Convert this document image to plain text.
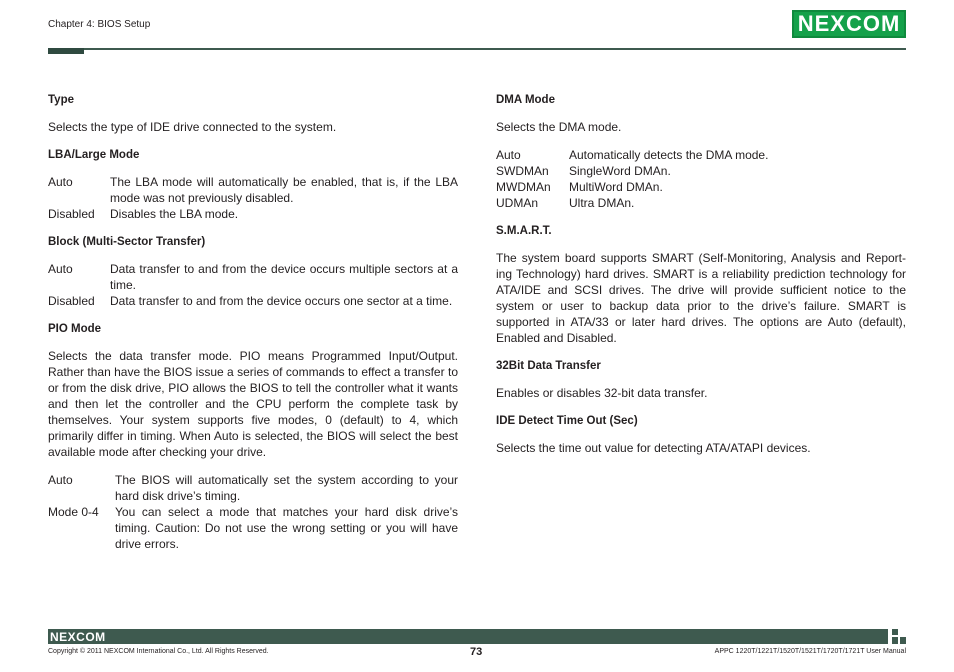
Chapter 4: BIOS Setup	NEXCOM
Type
Selects the type of IDE drive connected to the system.
LBA/Large Mode
Auto	The LBA mode will automatically be enabled, that is, if the LBA mode was not previously disabled.
Disabled	Disables the LBA mode.
Block (Multi-Sector Transfer)
Auto	Data transfer to and from the device occurs multiple sectors at a time.
Disabled	Data transfer to and from the device occurs one sector at a time.
PIO Mode
Selects the data transfer mode. PIO means Programmed Input/Output. Rather than have the BIOS issue a series of commands to effect a transfer to or from the disk drive, PIO allows the BIOS to tell the controller what it wants and then let the controller and the CPU perform the complete task by themselves. Your system supports five modes, 0 (default) to 4, which primarily differ in timing. When Auto is selected, the BIOS will select the best available mode after checking your drive.
Auto	The BIOS will automatically set the system according to your hard disk drive’s timing.
Mode 0-4	You can select a mode that matches your hard disk drive’s timing. Caution: Do not use the wrong setting or you will have drive errors.
DMA Mode
Selects the DMA mode.
Auto	Automatically detects the DMA mode.
SWDMAn	SingleWord DMAn.
MWDMAn	MultiWord DMAn.
UDMAn	Ultra DMAn.
S.M.A.R.T.
The system board supports SMART (Self-Monitoring, Analysis and Report-ing Technology) hard drives. SMART is a reliability prediction technology for ATA/IDE and SCSI drives. The drive will provide sufficient notice to the system or user to backup data prior to the drive’s failure. SMART is supported in ATA/33 or later hard drives. The options are Auto (default), Enabled and Disabled.
32Bit Data Transfer
Enables or disables 32-bit data transfer.
IDE Detect Time Out (Sec)
Selects the time out value for detecting ATA/ATAPI devices.
NEXCOM
Copyright © 2011 NEXCOM International Co., Ltd. All Rights Reserved.	73	APPC 1220T/1221T/1520T/1521T/1720T/1721T User Manual
